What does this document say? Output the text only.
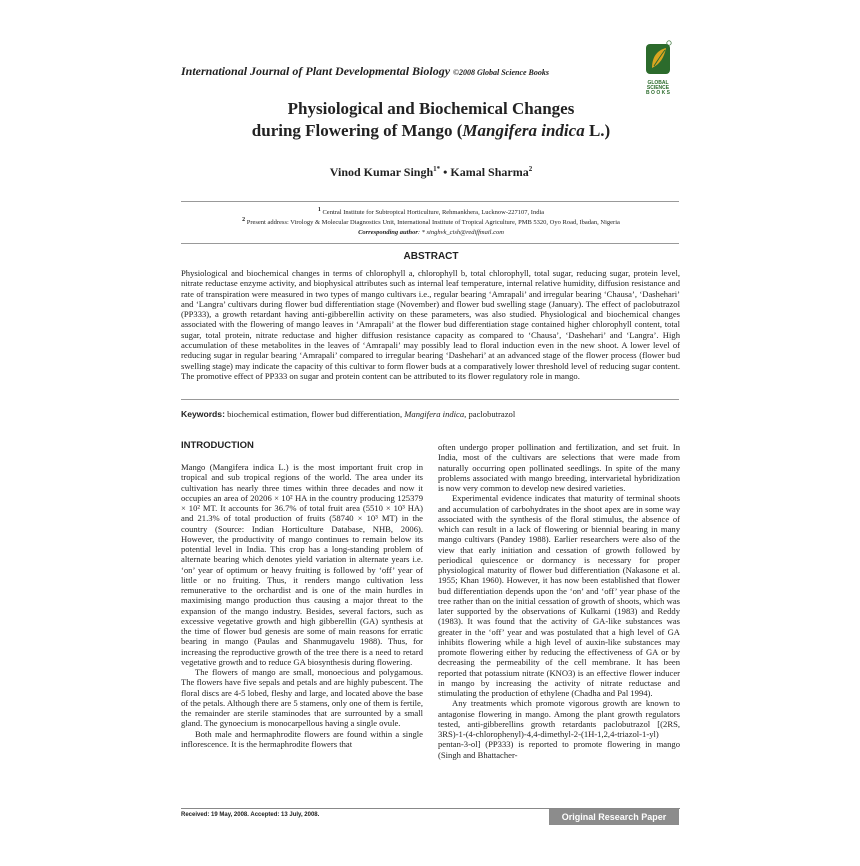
International Journal of Plant Developmental Biology ©2008 Global Science Books
GLOBAL SCIENCE
B O O K S
Physiological and Biochemical Changes
during Flowering of Mango (Mangifera indica L.)
Vinod Kumar Singh$^{1*}$ • Kamal Sharma$^2$
$^1$ Central Institute for Subtropical Horticulture, Rehmankhera, Lucknow-227107, India
$^2$ Present address: Virology & Molecular Diagnostics Unit, International Institute of Tropical Agriculture, PMB 5320, Oyo Road, Ibadan, Nigeria
Corresponding author: * singhvk_cish@rediffmail.com
ABSTRACT
Physiological and biochemical changes in terms of chlorophyll a, chlorophyll b, total chlorophyll, total sugar, reducing sugar, protein level, nitrate reductase enzyme activity, and biophysical attributes such as internal leaf temperature, internal relative humidity, diffusion resistance and rate of transpiration were measured in two types of mango cultivars i.e., regular bearing ‘Amrapali’ and irregular bearing ‘Chausa’, ‘Dashehari’ and ‘Langra’ cultivars during flower bud differentiation stage (November) and flower bud swelling stage (January). The effect of paclobutrazol (PP333), a growth retardant having anti-gibberellin activity on these parameters, was also studied. Physiological and biochemical changes associated with the flowering of mango leaves in ‘Amrapali’ at the flower bud differentiation stage contained higher chlorophyll content, total sugar, total protein, nitrate reductase and higher diffusion resistance capacity as compared to ‘Chausa’, ‘Dashehari’ and ‘Langra’. High accumulation of these metabolites in the leaves of ‘Amrapali’ may possibly lead to floral induction even in the new shoot. A lower level of reducing sugar in regular bearing ‘Amrapali’ compared to irregular bearing ‘Dashehari’ at an advanced stage of the flower process (flower bud swelling stage) may indicate the capacity of this cultivar to form flower buds at a comparatively lower threshold level of reducing sugar content. The promotive effect of PP333 on sugar and protein content can be attributed to its flower regulatory role in mango.
Keywords: biochemical estimation, flower bud differentiation, Mangifera indica, paclobutrazol
INTRODUCTION

Mango (Mangifera indica L.) is the most important fruit crop in tropical and sub tropical regions of the world. The area under its cultivation has nearly three times within three decades and now it occupies an area of 20206 × 10² HA in the country producing 125379 × 10² MT. It accounts for 36.7% of total fruit area (5510 × 10³ HA) and 21.3% of total production of fruits (58740 × 10³ MT) in the country (Source: Indian Horticulture Database, NHB, 2006). However, the productivity of mango continues to remain below its potential level in India. This crop has a long-standing problem of alternate bearing which denotes yield variation in alternate years i.e. ‘on’ year of optimum or heavy fruiting is followed by ‘off’ year of little or no fruiting. Thus, it renders mango cultivation less remunerative to the orchardist and is one of the main hurdles in maximising mango production thus causing a major threat to the expansion of the mango industry. Besides, several factors, such as excessive vegetative growth and high gibberellin (GA) synthesis at the time of flower bud genesis are some of main reasons for erratic bearing in mango (Paulas and Shanmugavelu 1988). Thus, for increasing the reproductive growth of the tree there is a need to retard vegetative growth and to reduce GA biosynthesis during flowering.

The flowers of mango are small, monoecious and polygamous. The flowers have five sepals and petals and are highly pubescent. The floral discs are 4-5 lobed, fleshy and large, and located above the base of the petals. Although there are 5 stamens, only one of them is fertile, the remainder are sterile staminodes that are surrounted by a small gland. The gynoecium is monocarpellous having a single ovule.

Both male and hermaphrodite flowers are found within a single inflorescence. It is the hermaphrodite flowers that

often undergo proper pollination and fertilization, and set fruit. In India, most of the cultivars are selections that were made from naturally occurring open pollinated seedlings. In spite of the many problems associated with mango breeding, intervarietal hybridization is now very common to develop new desired varieties.

Experimental evidence indicates that maturity of terminal shoots and accumulation of carbohydrates in the shoot apex are in some way associated with the synthesis of the floral stimulus, the absence of which can result in a lack of flowering or biennial bearing in many mango cultivars (Pandey 1988). Earlier researchers were also of the view that early initiation and cessation of growth followed by periodical quiescence or dormancy is necessary for proper physiological maturity of flower bud differentiation (Nakasone et al. 1955; Khan 1960). However, it has now been established that flower bud differentiation depends upon the ‘on’ and ‘off’ year phase of the tree rather than on the initial cessation of growth of shoots, which was later supported by the observations of Kulkarni (1983) and Reddy (1983). It was found that the activity of GA-like substances was greater in the ‘off’ year and was postulated that a high level of GA inhibits flowering while a high level of auxin-like substances may promote flowering either by reducing the effectiveness of GA or by decreasing the permeability of the cell membrane. It has been reported that potassium nitrate (KNO3) is an effective flower inducer in mango by increasing the activity of nitrate reductase and stimulating the production of ethylene (Chadha and Pal 1994).

Any treatments which promote vigorous growth are known to antagonise flowering in mango. Among the plant growth regulators tested, anti-gibberellins growth retardants paclobutrazol [(2RS, 3RS)-1-(4-chlorophenyl)-4,4-dimethyl-2-(1H-1,2,4-triazol-1-yl) pentan-3-ol] (PP333) is reported to promote flowering in mango (Singh and Bhattacher-

Received: 19 May, 2008. Accepted: 13 July, 2008.	Original Research Paper
